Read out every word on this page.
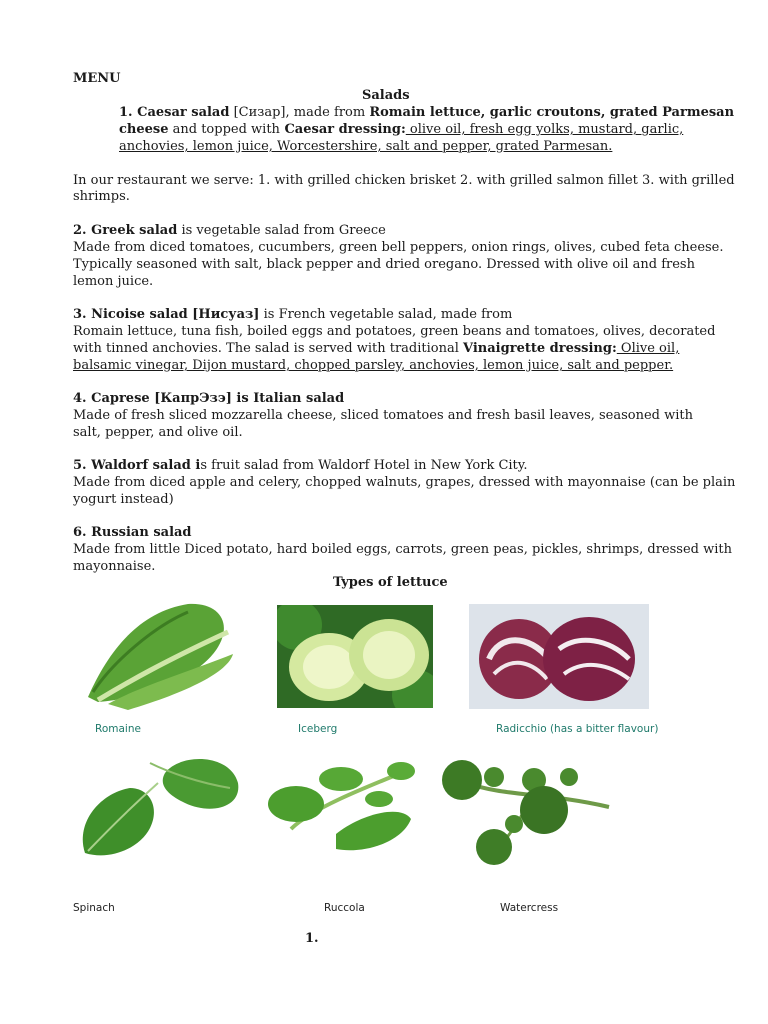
MENU
Salads
1. Caesar salad [Сизар], made from Romain lettuce, garlic croutons, grated Parmesan
cheese and topped with Caesar dressing: olive oil, fresh egg yolks, mustard, garlic,
anchovies, lemon juice, Worcestershire, salt and pepper, grated Parmesan.
In our restaurant we serve: 1. with grilled chicken brisket 2. with grilled salmon fillet 3. with grilled
shrimps.
2. Greek salad is vegetable salad from Greece
Made from diced tomatoes, cucumbers, green bell peppers, onion rings, olives, cubed feta cheese.
Typically seasoned with salt, black pepper and dried oregano. Dressed with olive oil and fresh
lemon juice.
3. Nicoise salad [Нисуаз] is French vegetable salad, made from
Romain lettuce, tuna fish, boiled eggs and potatoes, green beans and tomatoes, olives, decorated
with tinned anchovies. The salad is served with traditional Vinaigrette dressing: Olive oil,
balsamic vinegar, Dijon mustard, chopped parsley, anchovies, lemon juice, salt and pepper.
4. Caprese [КапрЭзэ] is Italian salad
Made of fresh sliced mozzarella cheese, sliced tomatoes and fresh basil leaves, seasoned with
salt, pepper, and olive oil.
5. Waldorf salad is fruit salad from Waldorf Hotel in New York City.
Made from diced apple and celery, chopped walnuts, grapes, dressed with mayonnaise (can be plain
yogurt instead)
6. Russian salad
Made from little Diced potato, hard boiled eggs, carrots, green peas, pickles, shrimps, dressed with
mayonnaise.
Types of lettuce
Romaine	Iceberg	Radicchio (has a bitter flavour)
Spinach	Ruccola	Watercress
1.
